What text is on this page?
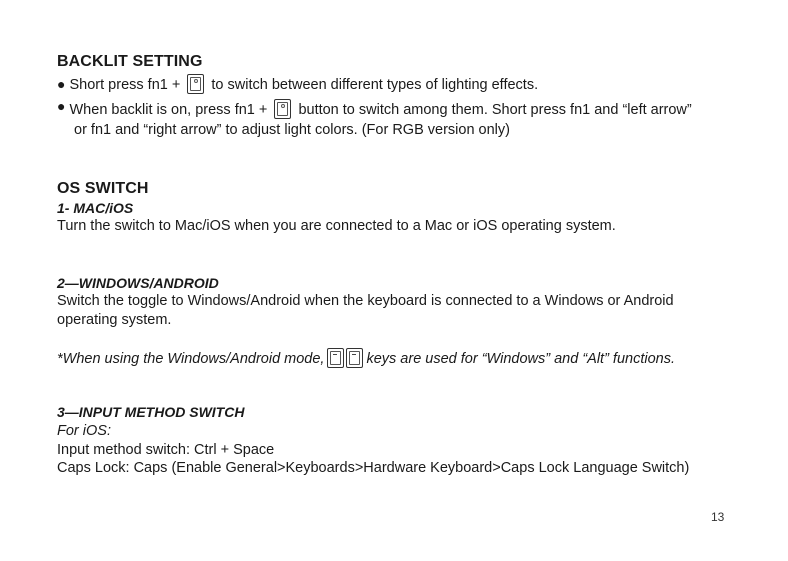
BACKLIT SETTING
● Short press fn1 + to switch between different types of lighting effects.
● When backlit is on, press fn1 + button to switch among them. Short press fn1 and “left arrow”
or fn1 and “right arrow” to adjust light colors. (For RGB version only)
OS SWITCH
1- MAC/iOS
Turn the switch to Mac/iOS when you are connected to a Mac or iOS operating system.
2—WINDOWS/ANDROID
Switch the toggle to Windows/Android when the keyboard is connected to a Windows or Android
operating system.
*When using the Windows/Android mode,	keys are used for “Windows” and “Alt” functions.
3—INPUT METHOD SWITCH
For iOS:
Input method switch: Ctrl + Space
Caps Lock: Caps (Enable General>Keyboards>Hardware Keyboard>Caps Lock Language Switch)
13
